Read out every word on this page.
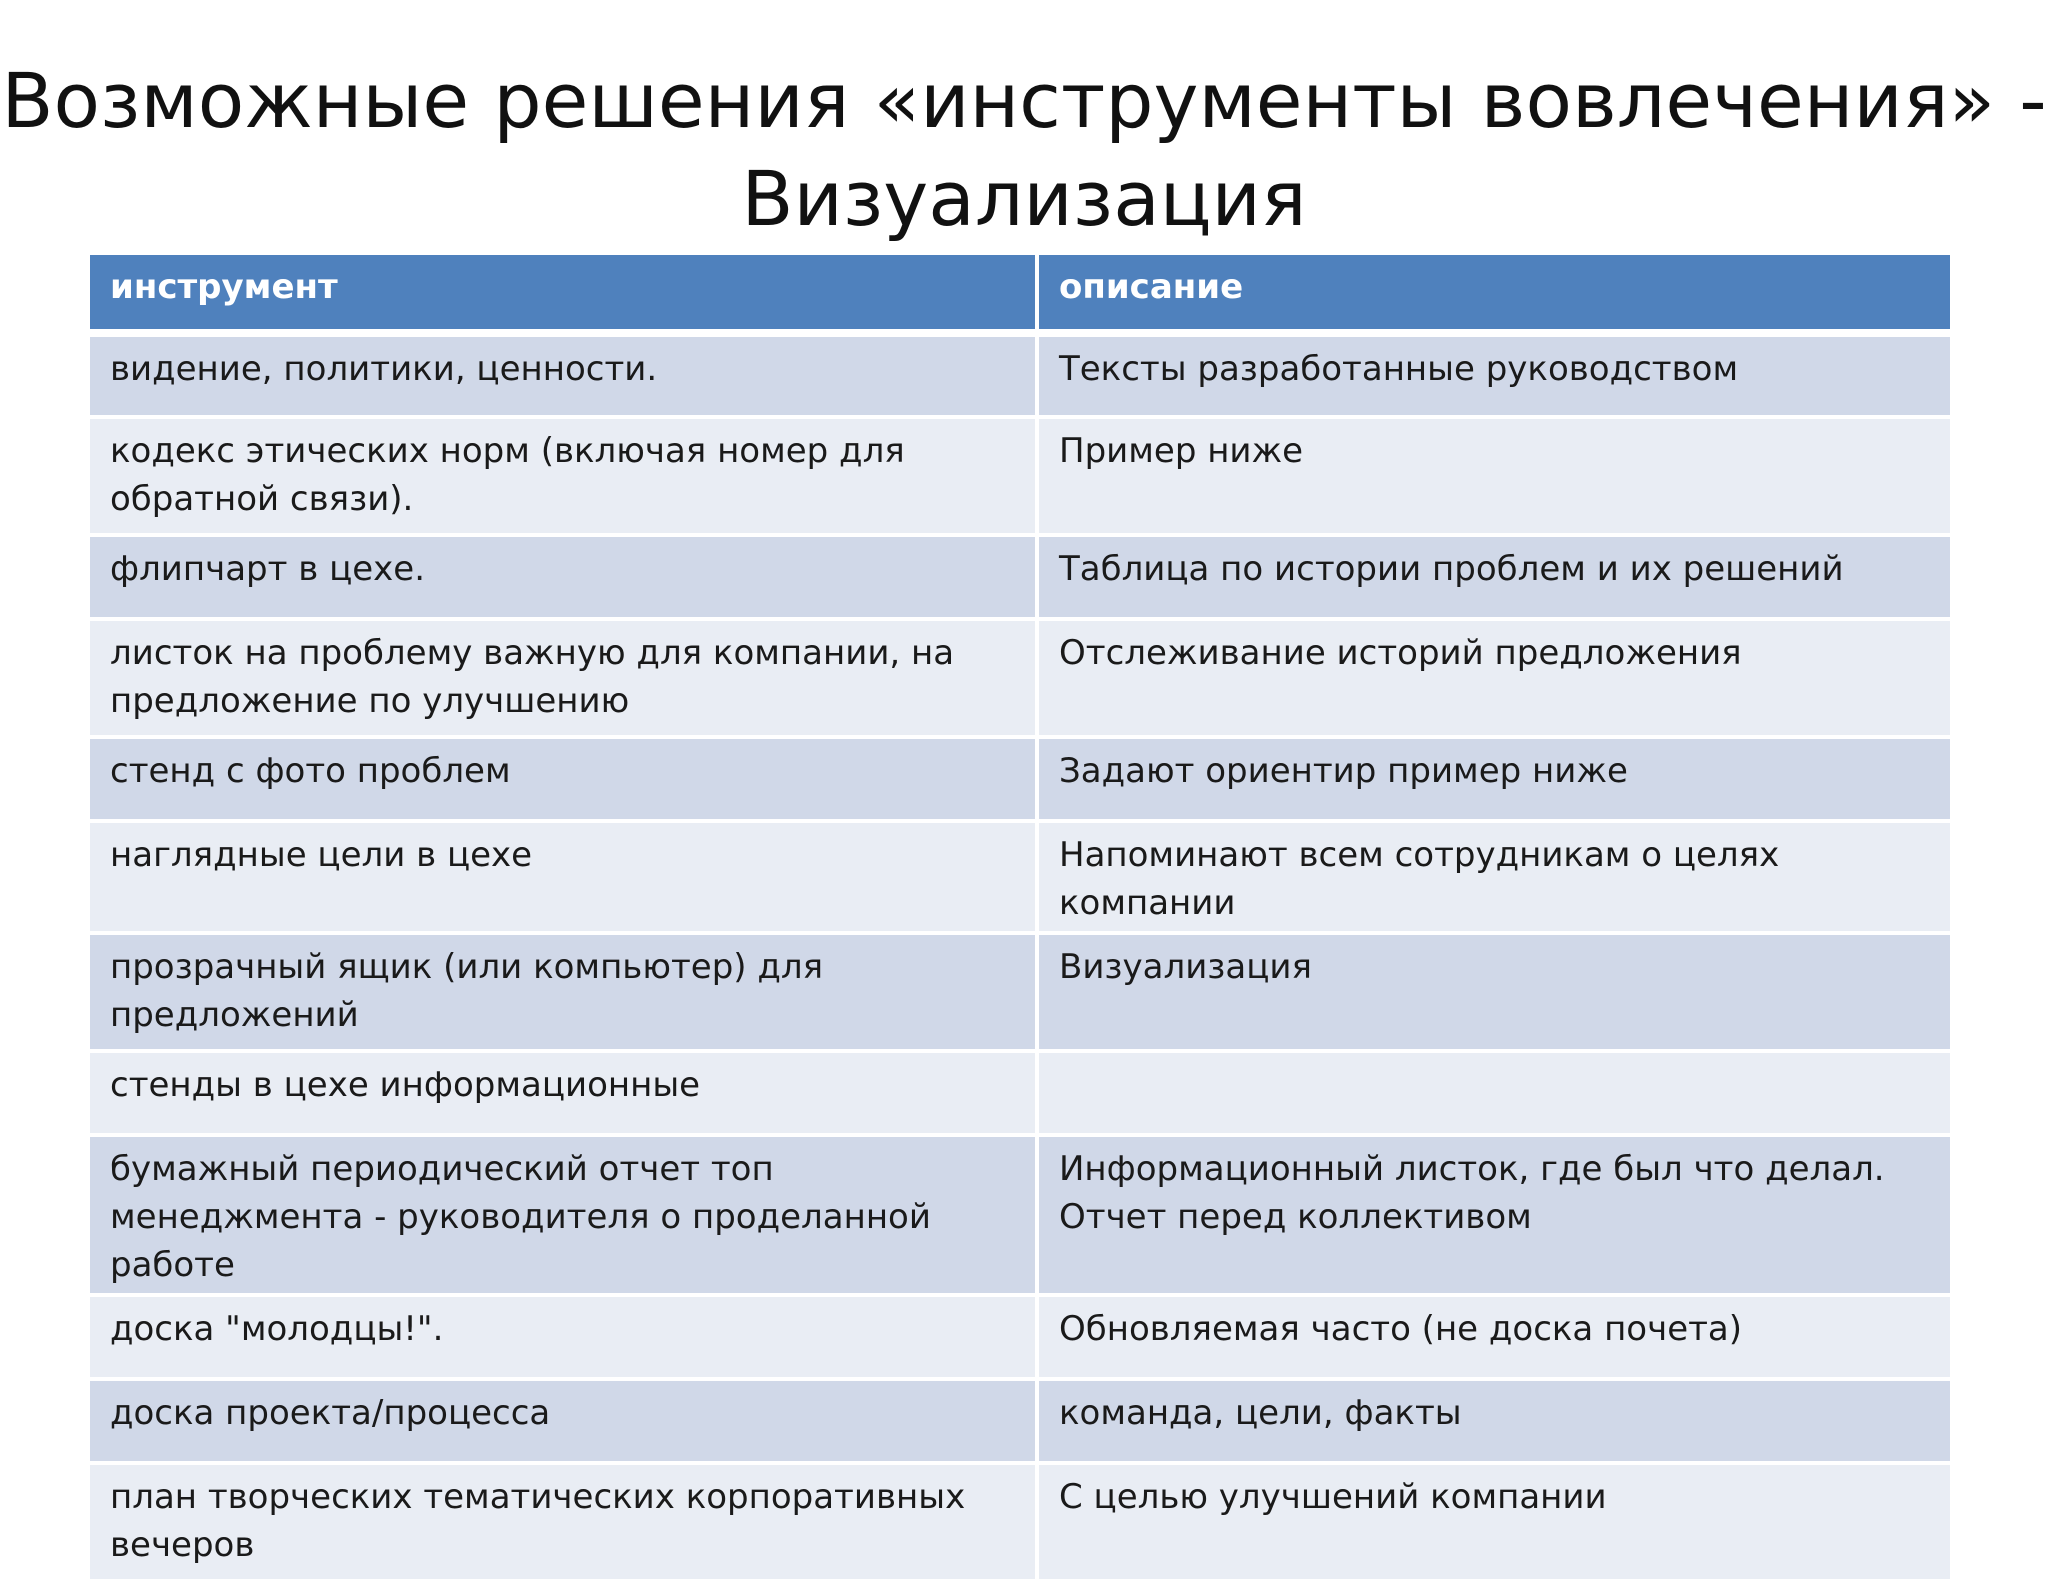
Возможные решения «инструменты вовлечения» -
Визуализация
инструмент	описание
видение, политики, ценности.	Тексты разработанные руководством
кодекс этических норм (включая номер для обратной связи).	Пример ниже
флипчарт в цехе.	Таблица по истории проблем и их решений
листок на проблему важную для компании, на предложение по улучшению	Отслеживание историй предложения
стенд с фото проблем	Задают ориентир пример ниже
наглядные цели в цехе	Напоминают всем сотрудникам о целях компании
прозрачный ящик (или компьютер) для предложений	Визуализация
стенды в цехе информационные	
бумажный периодический отчет топ менеджмента - руководителя о проделанной работе	Информационный листок, где был что делал. Отчет перед коллективом
доска "молодцы!".	Обновляемая часто (не доска почета)
доска проекта/процесса	команда, цели, факты
план творческих тематических корпоративных вечеров	С целью улучшений компании
